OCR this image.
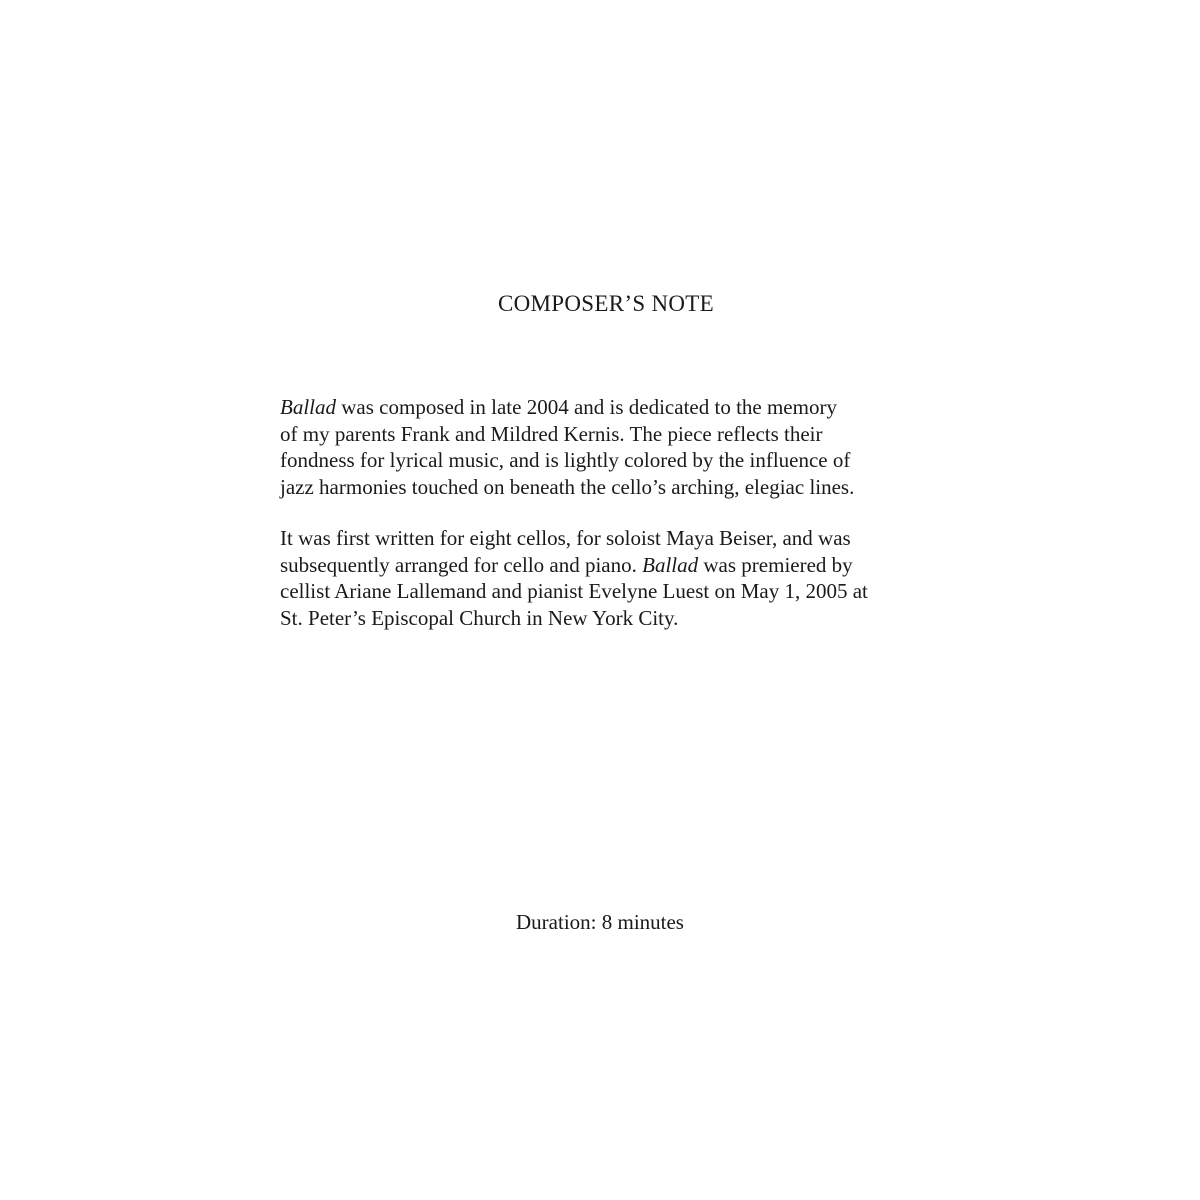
COMPOSER’S NOTE
Ballad was composed in late 2004 and is dedicated to the memory
of my parents Frank and Mildred Kernis. The piece reflects their
fondness for lyrical music, and is lightly colored by the influence of
jazz harmonies touched on beneath the cello’s arching, elegiac lines.
It was first written for eight cellos, for soloist Maya Beiser, and was
subsequently arranged for cello and piano. Ballad was premiered by
cellist Ariane Lallemand and pianist Evelyne Luest on May 1, 2005 at
St. Peter’s Episcopal Church in New York City.
Duration: 8 minutes
